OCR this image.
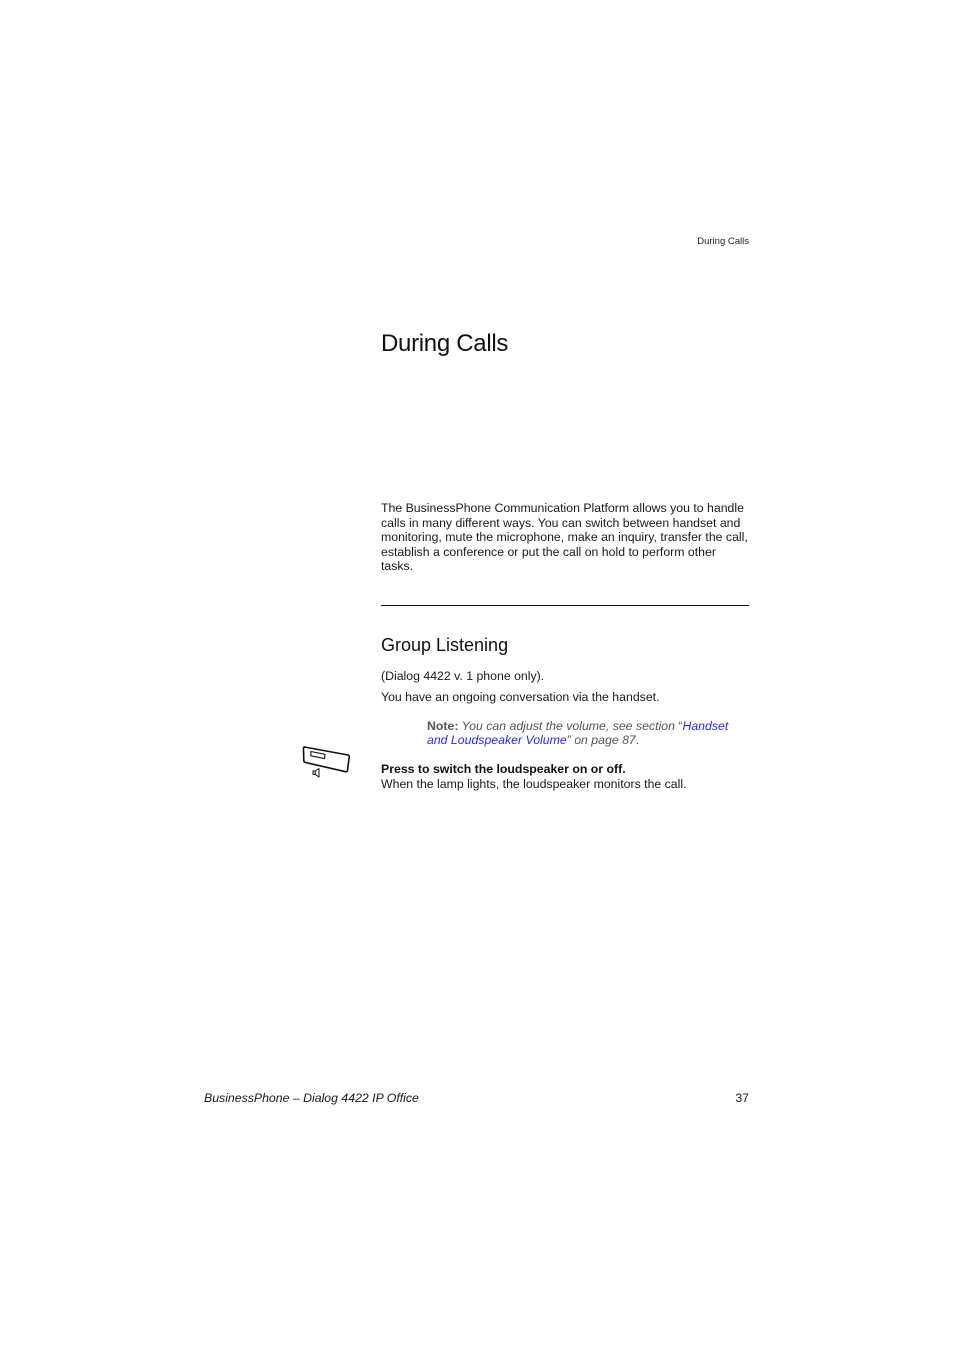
During Calls
During Calls

The BusinessPhone Communication Platform allows you to handle calls in many different ways. You can switch between handset and monitoring, mute the microphone, make an inquiry, transfer the call, establish a conference or put the call on hold to perform other tasks.

Group Listening

(Dialog 4422 v. 1 phone only).

You have an ongoing conversation via the handset.

Note: You can adjust the volume, see section “Handset and Loudspeaker Volume” on page 87.

Press to switch the loudspeaker on or off.

When the lamp lights, the loudspeaker monitors the call.

BusinessPhone – Dialog 4422 IP Office	37
